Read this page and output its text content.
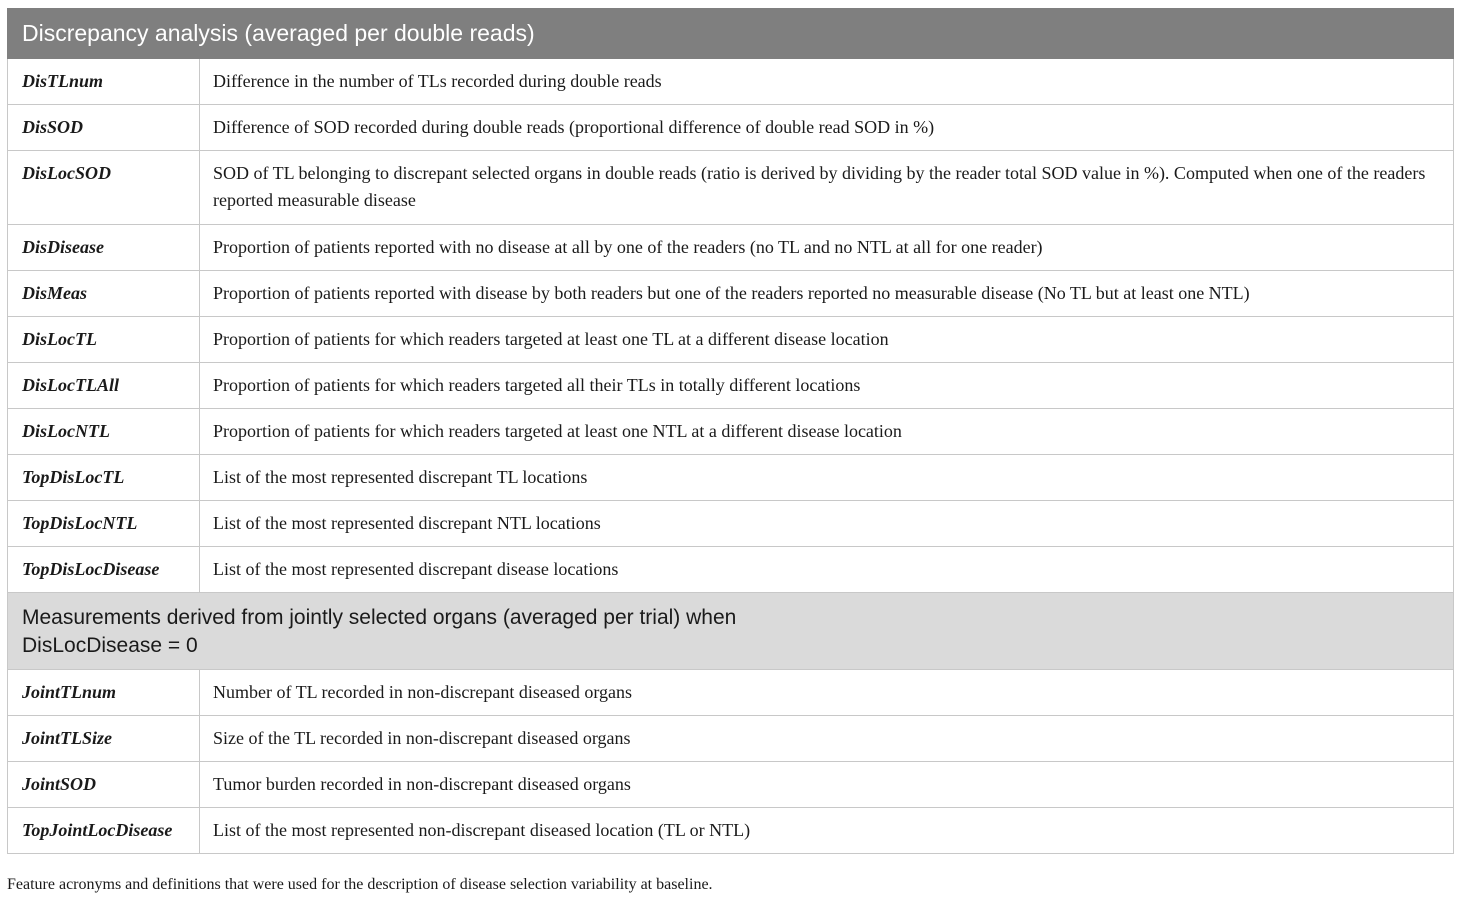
Discrepancy analysis (averaged per double reads)	
DisTLnum	Difference in the number of TLs recorded during double reads
DisSOD	Difference of SOD recorded during double reads (proportional difference of double read SOD in %)
DisLocSOD	SOD of TL belonging to discrepant selected organs in double reads (ratio is derived by dividing by the reader total SOD value in %). Computed when one of the readers reported measurable disease
DisDisease	Proportion of patients reported with no disease at all by one of the readers (no TL and no NTL at all for one reader)
DisMeas	Proportion of patients reported with disease by both readers but one of the readers reported no measurable disease (No TL but at least one NTL)
DisLocTL	Proportion of patients for which readers targeted at least one TL at a different disease location
DisLocTLAll	Proportion of patients for which readers targeted all their TLs in totally different locations
DisLocNTL	Proportion of patients for which readers targeted at least one NTL at a different disease location
TopDisLocTL	List of the most represented discrepant TL locations
TopDisLocNTL	List of the most represented discrepant NTL locations
TopDisLocDisease	List of the most represented discrepant disease locations

Measurements derived from jointly selected organs (averaged per trial) when
DisLocDisease = 0	

JointTLnum	Number of TL recorded in non-discrepant diseased organs
JointTLSize	Size of the TL recorded in non-discrepant diseased organs
JointSOD	Tumor burden recorded in non-discrepant diseased organs
TopJointLocDisease	List of the most represented non-discrepant diseased location (TL or NTL)
Feature acronyms and definitions that were used for the description of disease selection variability at baseline.
